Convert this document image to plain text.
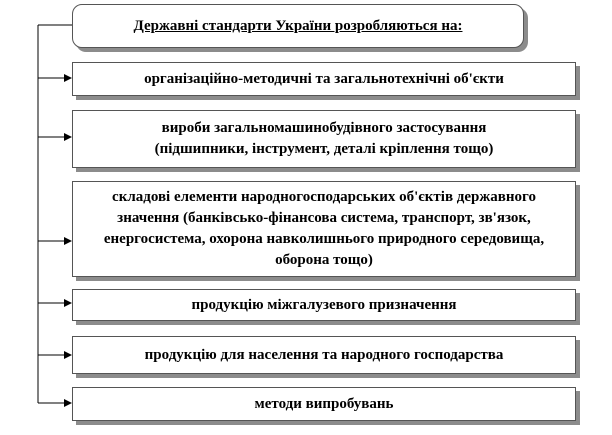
Державні стандарти України розробляються на:
організаційно-методичні та загальнотехнічні об'єкти
вироби загальномашинобудівного застосування (підшипники, інструмент, деталі кріплення тощо)
складові елементи народногосподарських об'єктів державного значення (банківсько-фінансова система, транспорт, зв'язок, енергосистема, охорона навколишнього природного середовища, оборона тощо)
продукцію міжгалузевого призначення
продукцію для населення та народного господарства
методи випробувань
